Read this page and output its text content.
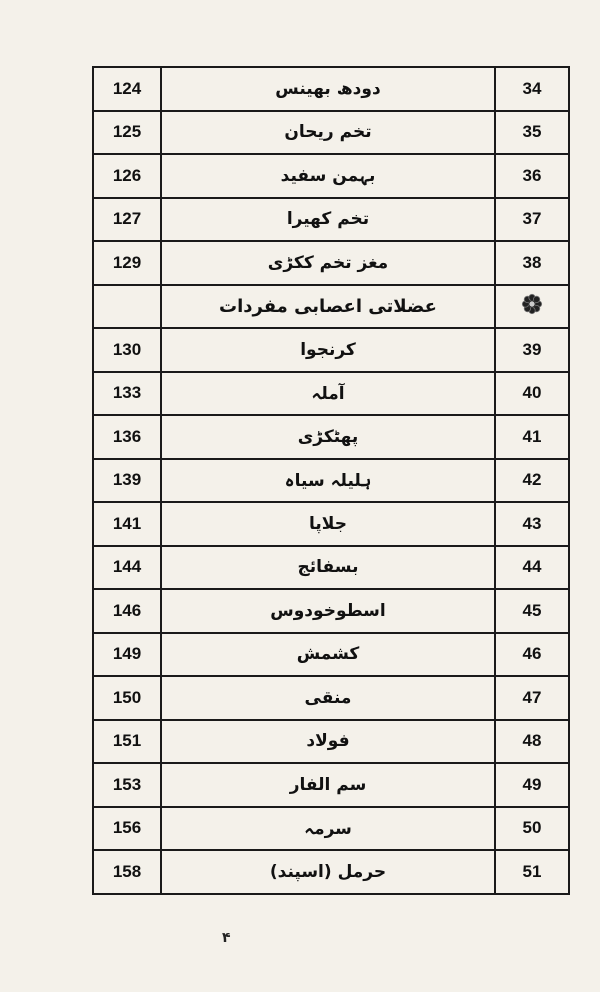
124	دودھ بھینس	34
125	تخم ریحان	35
126	بہمن سفید	36
127	تخم کھیرا	37
129	مغز تخم ککڑی	38
	عضلاتی اعصابی مفردات	
130	کرنجوا	39
133	آملہ	40
136	پھٹکڑی	41
139	ہلیلہ سیاہ	42
141	جلاپا	43
144	بسفائج	44
146	اسطوخودوس	45
149	کشمش	46
150	منقی	47
151	فولاد	48
153	سم الفار	49
156	سرمہ	50
158	حرمل (اسپند)	51
۴
